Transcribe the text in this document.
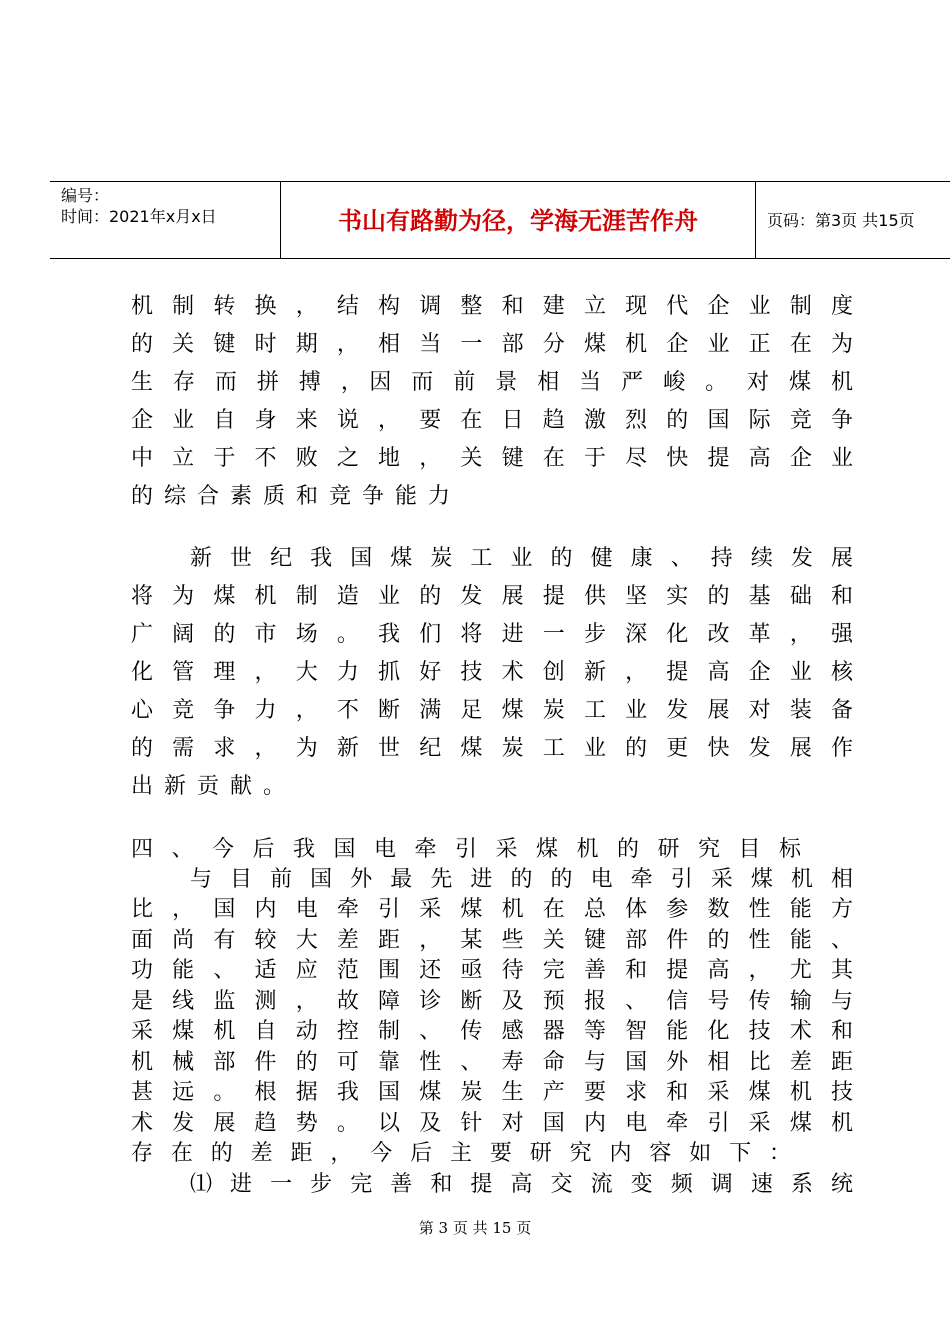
编号：
时间：2021年x月x日	书山有路勤为径，学海无涯苦作舟	页码：第3页 共15页
机 制 转 换 ， 结 构 调 整 和 建 立 现 代 企 业 制 度
的 关 键 时 期 ， 相 当 一 部 分 煤 机 企 业 正 在 为
生 存 而 拼 搏 ，因 而 前 景 相 当 严 峻 。 对 煤 机
企 业 自 身 来 说 ， 要 在 日 趋 激 烈 的 国 际 竞 争
中 立 于 不 败 之 地 ， 关 键 在 于 尽 快 提 高 企 业
的 综 合 素 质 和 竞 争 能 力
新 世 纪 我 国 煤 炭 工 业 的 健 康 、 持 续 发 展
将 为 煤 机 制 造 业 的 发 展 提 供 坚 实 的 基 础 和
广 阔 的 市 场 。 我 们 将 进 一 步 深 化 改 革 ， 强
化 管 理 ， 大 力 抓 好 技 术 创 新 ， 提 高 企 业 核
心 竞 争 力 ， 不 断 满 足 煤 炭 工 业 发 展 对 装 备
的 需 求 ， 为 新 世 纪 煤 炭 工 业 的 更 快 发 展 作
出 新 贡 献 。
四 、 今 后 我 国 电 牵 引 采 煤 机 的 研 究 目 标
与 目 前 国 外 最 先 进 的 的 电 牵 引 采 煤 机 相
比 ， 国 内 电 牵 引 采 煤 机 在 总 体 参 数 性 能 方
面 尚 有 较 大 差 距 ， 某 些 关 键 部 件 的 性 能 、
功 能 、 适 应 范 围 还 亟 待 完 善 和 提 高 ， 尤 其
是 线 监 测 ， 故 障 诊 断 及 预 报 、 信 号 传 输 与
采 煤 机 自 动 控 制 、 传 感 器 等 智 能 化 技 术 和
机 械 部 件 的 可 靠 性 、 寿 命 与 国 外 相 比 差 距
甚 远 。 根 据 我 国 煤 炭 生 产 要 求 和 采 煤 机 技
术 发 展 趋 势 。 以 及 针 对 国 内 电 牵 引 采 煤 机
存 在 的 差 距 ， 今 后 主 要 研 究 内 容 如 下 ：
⑴ 进 一 步 完 善 和 提 高 交 流 变 频 调 速 系 统
第 3 页 共 15 页
